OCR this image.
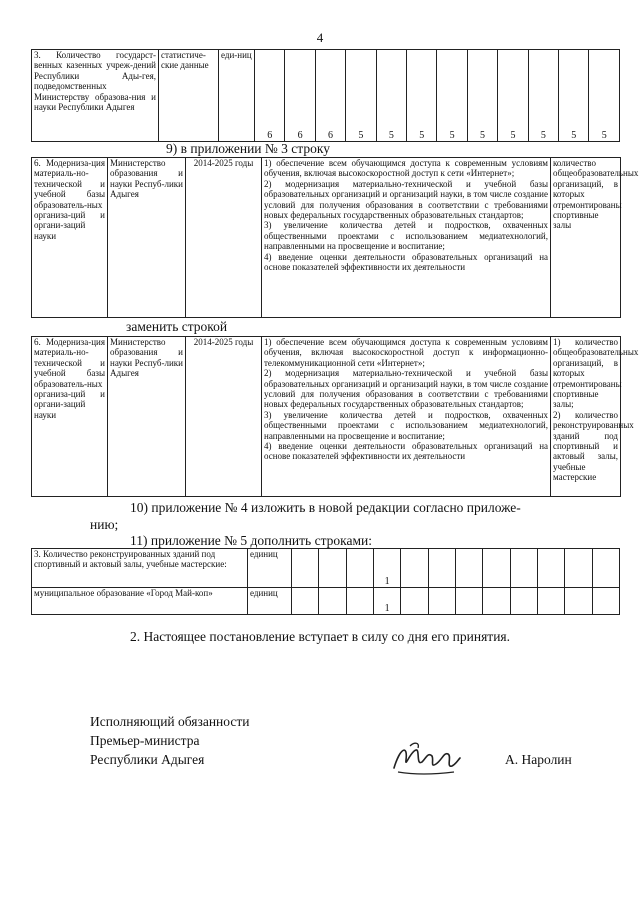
4
3. Количество государст-венных казенных учреж-дений Республики Ады-гея, подведомственных Министерству образова-ния и науки Республики Адыгея	статистиче-ские данные	еди-ниц	6	6	6	5	5	5	5	5	5	5	5	5
9) в приложении № 3 строку
6. Модерниза-ция материаль-но-технической и учебной базы образователь-ных организа-ций и органи-заций науки	Министерство образования и науки Респуб-лики Адыгея	2014-2025 годы	1) обеспечение всем обучающимся доступа к современным условиям обучения, включая высокоскоростной доступ к сети «Интернет»;
2) модернизация материально-технической и учебной базы образовательных организаций и организаций науки, в том числе создание условий для получения образования в соответствии с требованиями новых федеральных государственных образовательных стандартов;
3) увеличение количества детей и подростков, охваченных общественными проектами с использованием медиатехнологий, направленными на просвещение и воспитание;
4) введение оценки деятельности образовательных организаций на основе показателей эффективности их деятельности	количество общеобразовательных организаций, в которых отремонтированы спортивные залы
заменить строкой
6. Модерниза-ция материаль-но-технической и учебной базы образователь-ных организа-ций и органи-заций науки	Министерство образования и науки Респуб-лики Адыгея	2014-2025 годы	1) обеспечение всем обучающимся доступа к современным условиям обучения, включая высокоскоростной доступ к информационно-телекоммуникационной сети «Интернет»;
2) модернизация материально-технической и учебной базы образовательных организаций и организаций науки, в том числе создание условий для получения образования в соответствии с требованиями новых федеральных государственных образовательных стандартов;
3) увеличение количества детей и подростков, охваченных общественными проектами с использованием медиатехнологий, направленными на просвещение и воспитание;
4) введение оценки деятельности образовательных организаций на основе показателей эффективности их деятельности	1) количество общеобразовательных организаций, в которых отремонтированы спортивные залы;
2) количество реконструированных зданий под спортивный и актовый залы, учебные мастерские
10) приложение № 4 изложить в новой редакции согласно приложе-
нию;
11) приложение № 5 дополнить строками:
3. Количество реконструированных зданий под спортивный и актовый залы, учебные мастерские:	единиц				1								
муниципальное образование «Город Май-коп»	единиц				1								
2. Настоящее постановление вступает в силу со дня его принятия.
Исполняющий обязанности
Премьер-министра
Республики Адыгея	А. Наролин
